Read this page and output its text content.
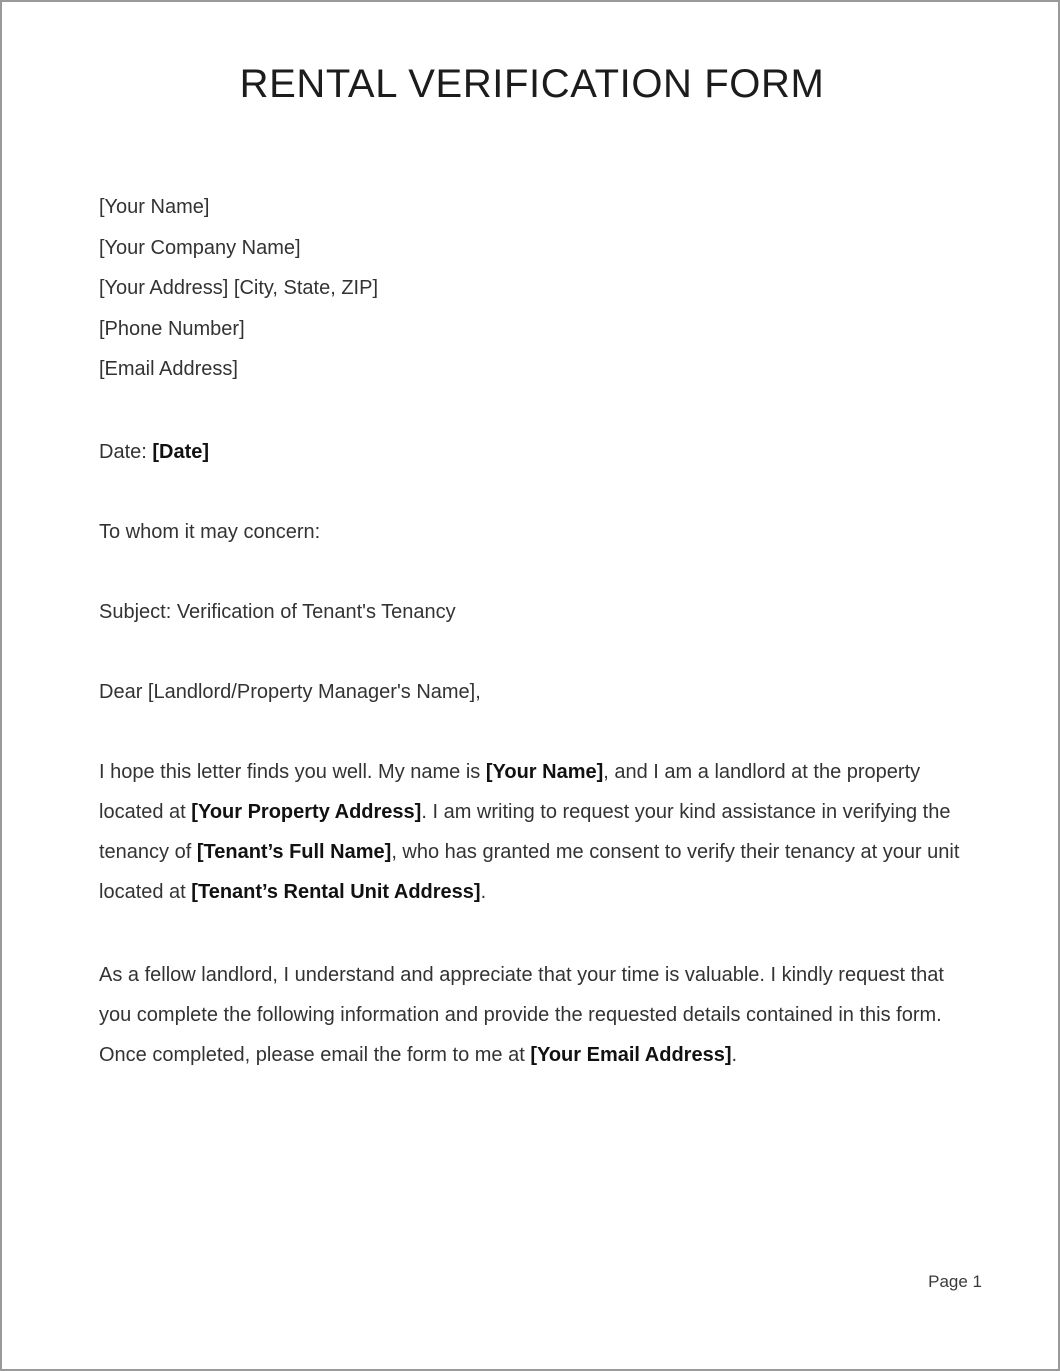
RENTAL VERIFICATION FORM
[Your Name]
[Your Company Name]
[Your Address] [City, State, ZIP]
[Phone Number]
[Email Address]
Date: [Date]
To whom it may concern:
Subject: Verification of Tenant's Tenancy
Dear [Landlord/Property Manager's Name],

I hope this letter finds you well. My name is [Your Name], and I am a landlord at the property located at [Your Property Address]. I am writing to request your kind assistance in verifying the tenancy of [Tenant’s Full Name], who has granted me consent to verify their tenancy at your unit located at [Tenant’s Rental Unit Address].

As a fellow landlord, I understand and appreciate that your time is valuable. I kindly request that you complete the following information and provide the requested details contained in this form. Once completed, please email the form to me at [Your Email Address].

Page 1
